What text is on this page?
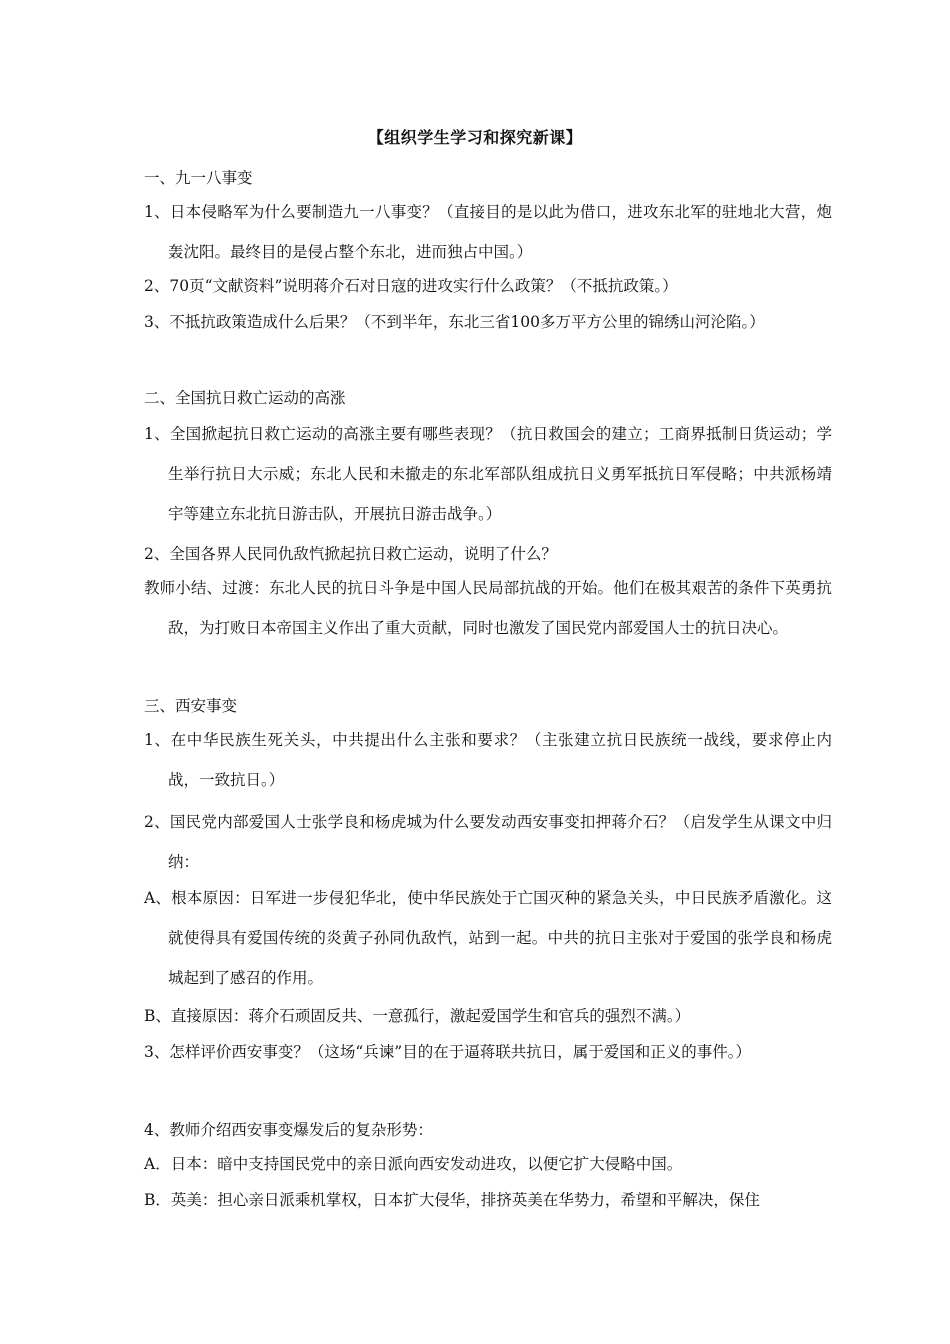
【组织学生学习和探究新课】
一、九一八事变
1、日本侵略军为什么要制造九一八事变？（直接目的是以此为借口，进攻东北军的驻地北大营，炮轰沈阳。最终目的是侵占整个东北，进而独占中国。）
2、70页“文献资料”说明蒋介石对日寇的进攻实行什么政策？（不抵抗政策。）
3、不抵抗政策造成什么后果？（不到半年，东北三省100多万平方公里的锦绣山河沦陷。）
二、全国抗日救亡运动的高涨
1、全国掀起抗日救亡运动的高涨主要有哪些表现？（抗日救国会的建立；工商界抵制日货运动；学生举行抗日大示威；东北人民和未撤走的东北军部队组成抗日义勇军抵抗日军侵略；中共派杨靖宇等建立东北抗日游击队，开展抗日游击战争。）
2、全国各界人民同仇敌忾掀起抗日救亡运动，说明了什么？
教师小结、过渡：东北人民的抗日斗争是中国人民局部抗战的开始。他们在极其艰苦的条件下英勇抗敌，为打败日本帝国主义作出了重大贡献，同时也激发了国民党内部爱国人士的抗日决心。
三、西安事变
1、在中华民族生死关头，中共提出什么主张和要求？（主张建立抗日民族统一战线，要求停止内战，一致抗日。）
2、国民党内部爱国人士张学良和杨虎城为什么要发动西安事变扣押蒋介石？（启发学生从课文中归纳：
A、根本原因：日军进一步侵犯华北，使中华民族处于亡国灭种的紧急关头，中日民族矛盾激化。这就使得具有爱国传统的炎黄子孙同仇敌忾，站到一起。中共的抗日主张对于爱国的张学良和杨虎城起到了感召的作用。
B、直接原因：蒋介石顽固反共、一意孤行，激起爱国学生和官兵的强烈不满。）
3、怎样评价西安事变？（这场“兵谏”目的在于逼蒋联共抗日，属于爱国和正义的事件。）
4、教师介绍西安事变爆发后的复杂形势：
A．日本：暗中支持国民党中的亲日派向西安发动进攻，以便它扩大侵略中国。
B．英美：担心亲日派乘机掌权，日本扩大侵华，排挤英美在华势力，希望和平解决，保住
